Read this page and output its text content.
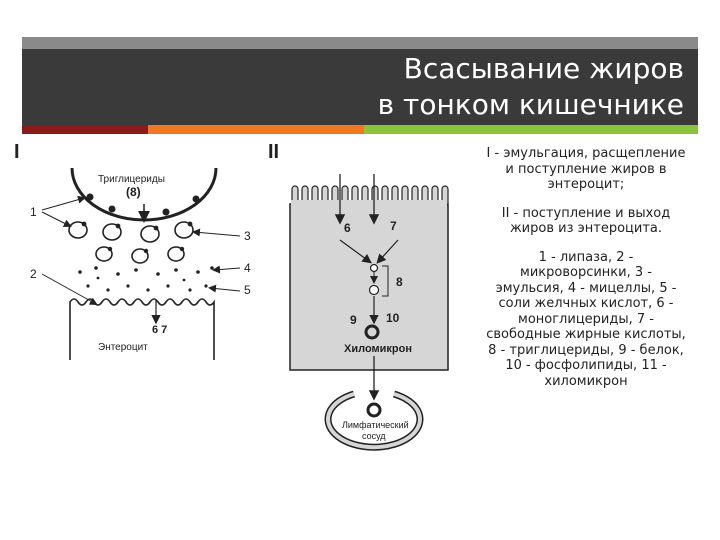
Всасывание жиров
в тонком кишечнике
I
Триглицериды
(8)
1
3
2	4
5
6 7
Энтероцит
II
6	7
8
9 10
Хиломикрон
Лимфатический
сосуд

I - эмульгация, расщепление и поступление жиров в энтероцит;

II - поступление и выход жиров из энтероцита.

1 - липаза, 2 - микроворсинки, 3 - эмульсия, 4 - мицеллы, 5 - соли желчных кислот, 6 - моноглицериды, 7 - свободные жирные кислоты, 8 - триглицериды, 9 - белок, 10 - фосфолипиды, 11 - хиломикрон
